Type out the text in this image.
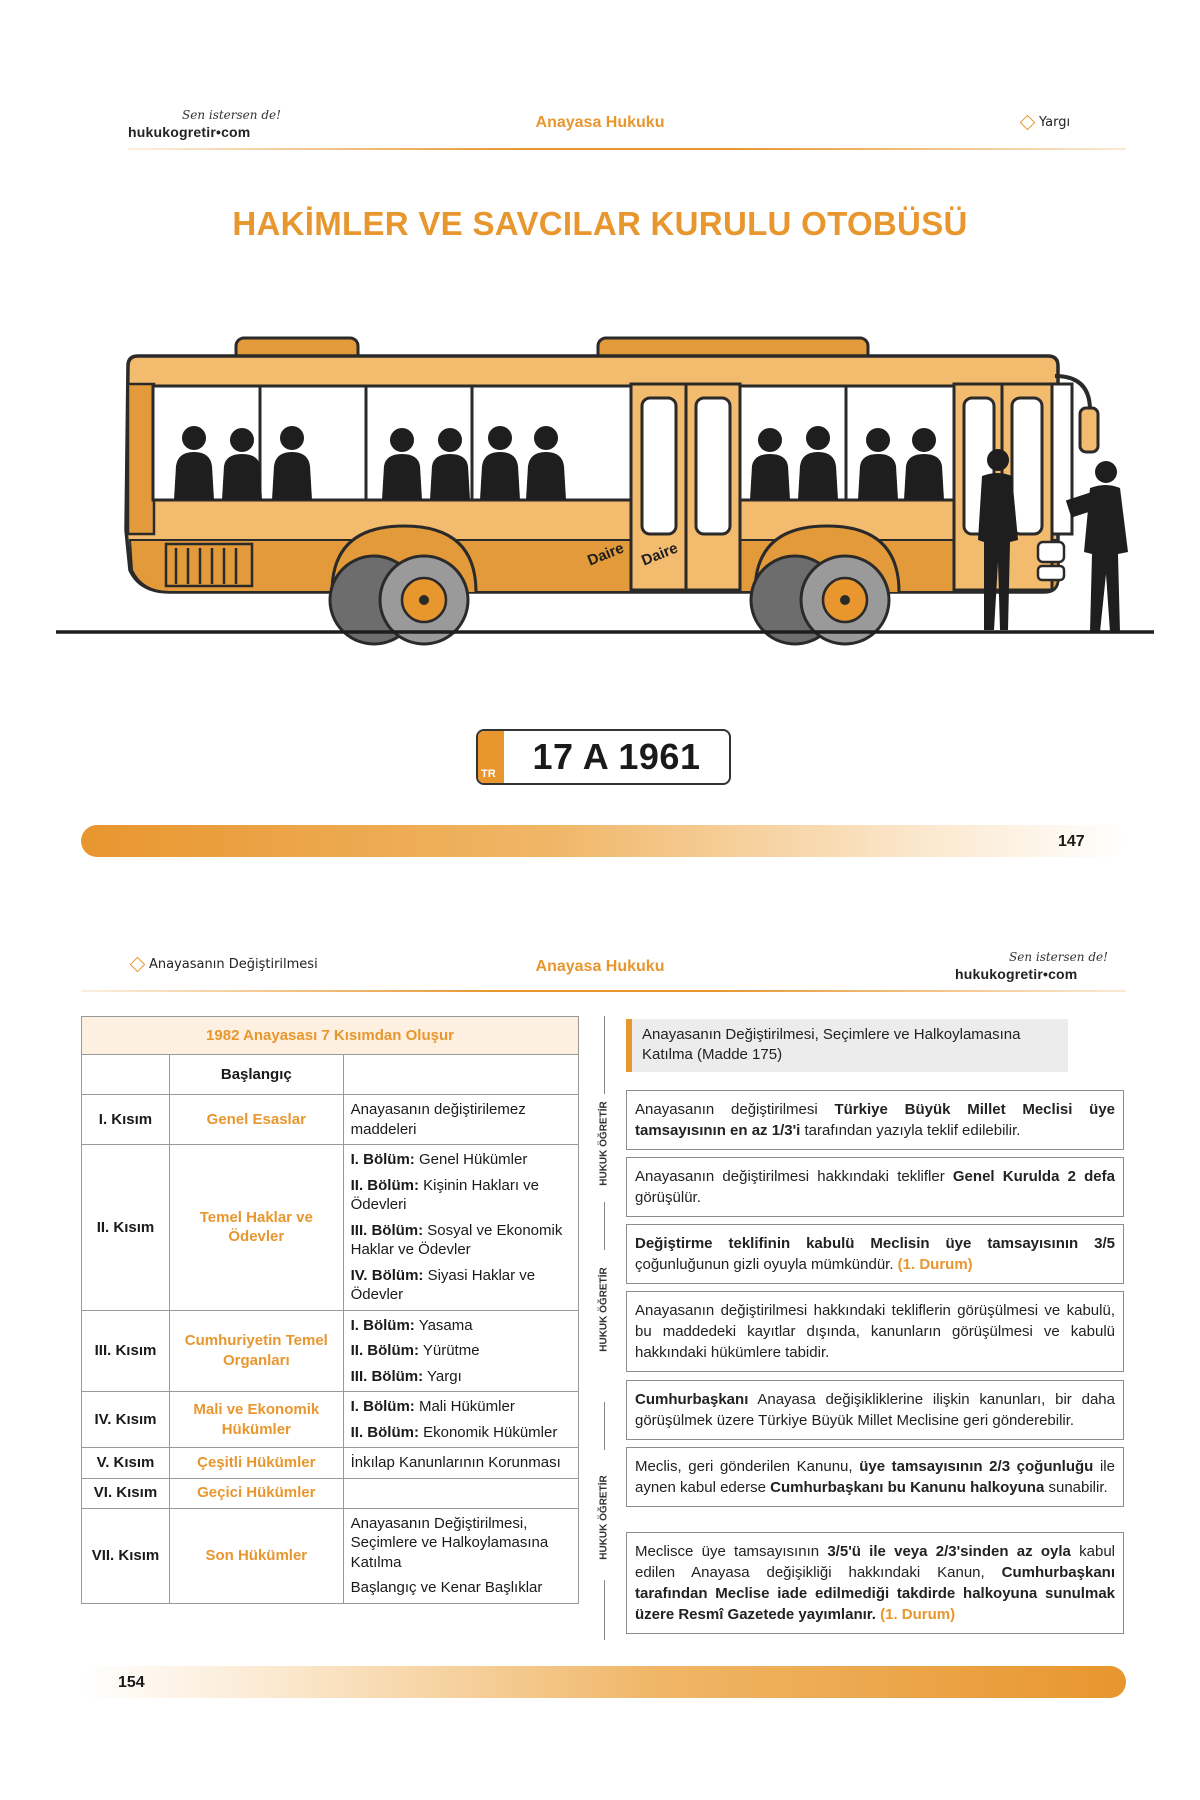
Sen istersen de!
hukukogretir•com
Anayasa Hukuku	Yargı
HAKİMLER VE SAVCILAR KURULU OTOBÜSÜ
Daire Daire
TR	17 A 1961
147
Anayasanın Değiştirilmesi	Anayasa Hukuku
Sen istersen de!
hukukogretir•com
1982 Anayasası 7 Kısımdan Oluşur		
	Başlangıç	
I. Kısım	Genel Esaslar	Anayasanın değiştirilemez maddeleri

II. Kısım	Temel Haklar ve Ödevler	I. Bölüm: Genel Hükümler

II. Bölüm: Kişinin Hakları ve Ödevleri

III. Bölüm: Sosyal ve Ekonomik Haklar ve Ödevler

IV. Bölüm: Siyasi Haklar ve Ödevler

III. Kısım	Cumhuriyetin Temel Organları	I. Bölüm: Yasama

II. Bölüm: Yürütme

III. Bölüm: Yargı

IV. Kısım	Mali ve Ekonomik Hükümler	I. Bölüm: Mali Hükümler

II. Bölüm: Ekonomik Hükümler

V. Kısım	Çeşitli Hükümler	İnkılap Kanunlarının Korunması

VI. Kısım	Geçici Hükümler	
VII. Kısım	Son Hükümler	Anayasanın Değiştirilmesi, Seçimlere ve Halkoylamasına Katılma

Başlangıç ve Kenar Başlıklar

HUKUK ÖĞRETİR
HUKUK ÖĞRETİR
HUKUK ÖĞRETİR
Anayasanın Değiştirilmesi, Seçimlere ve Halkoylamasına Katılma (Madde 175)
Anayasanın değiştirilmesi Türkiye Büyük Millet Meclisi üye tamsayısının en az 1/3'i tarafından yazıyla teklif edilebilir.
Anayasanın değiştirilmesi hakkındaki teklifler Genel Kurulda 2 defa görüşülür.
Değiştirme teklifinin kabulü Meclisin üye tamsayısının 3/5 çoğunluğunun gizli oyuyla mümkündür. (1. Durum)
Anayasanın değiştirilmesi hakkındaki tekliflerin görüşülmesi ve kabulü, bu maddedeki kayıtlar dışında, kanunların görüşülmesi ve kabulü hakkındaki hükümlere tabidir.
Cumhurbaşkanı Anayasa değişikliklerine ilişkin kanunları, bir daha görüşülmek üzere Türkiye Büyük Millet Meclisine geri gönderebilir.
Meclis, geri gönderilen Kanunu, üye tamsayısının 2/3 çoğunluğu ile aynen kabul ederse Cumhurbaşkanı bu Kanunu halkoyuna sunabilir.
Meclisce üye tamsayısının 3/5'ü ile veya 2/3'sinden az oyla kabul edilen Anayasa değişikliği hakkındaki Kanun, Cumhurbaşkanı tarafından Meclise iade edilmediği takdirde halkoyuna sunulmak üzere Resmî Gazetede yayımlanır. (1. Durum)
154
